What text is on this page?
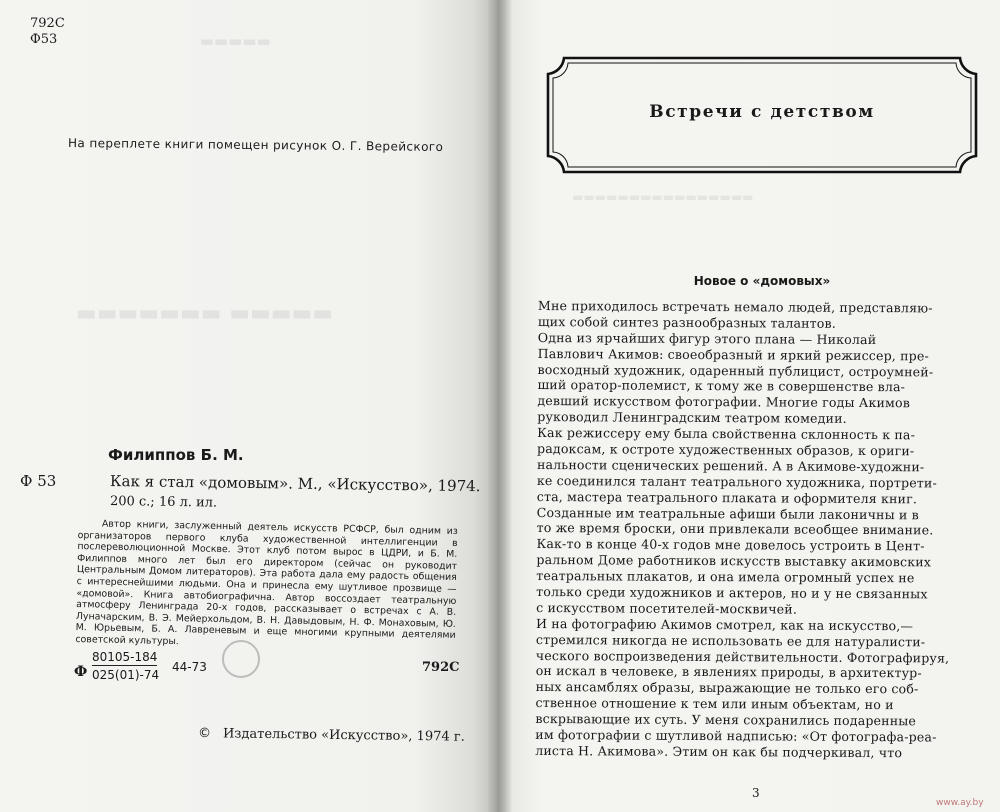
▬▬▬▬▬
▬▬▬▬▬ ▬▬▬▬▬▬▬
▬▬▬▬▬▬▬▬▬▬▬▬▬▬▬▬
792С
Ф53
На переплете книги помещен рисунок О. Г. Верейского
Филиппов Б. М.
Ф 53	Как я стал «домовым». М., «Искусство», 1974.
200 с.; 16 л. ил.
Автор книги, заслуженный деятель искусств РСФСР, был одним из организаторов первого клуба художественной интеллигенции в послереволюционной Москве. Этот клуб потом вырос в ЦДРИ, и Б. М. Филиппов много лет был его директором (сейчас он руководит Центральным Домом литераторов). Эта работа дала ему радость общения с интереснейшими людьми. Она и принесла ему шутливое прозвище — «домовой». Книга автобиографична. Автор воссоздает театральную атмосферу Ленинграда 20-х годов, рассказывает о встречах с А. В. Луначарским, В. Э. Мейерхольдом, В. Н. Давыдовым, Н. Ф. Монаховым, Ю. М. Юрьевым, Б. А. Лавреневым и еще многими крупными деятелями советской культуры.
Ф
80105-184
025(01)-74
44-73	792С
© Издательство «Искусство», 1974 г.
Встречи с детством
Новое о «домовых»
Мне приходилось встречать немало людей, представляю-
щих собой синтез разнообразных талантов.
Одна из ярчайших фигур этого плана — Николай
Павлович Акимов: своеобразный и яркий режиссер, пре-
восходный художник, одаренный публицист, остроумней-
ший оратор-полемист, к тому же в совершенстве вла-
девший искусством фотографии. Многие годы Акимов
руководил Ленинградским театром комедии.
Как режиссеру ему была свойственна склонность к па-
радоксам, к остроте художественных образов, к ориги-
нальности сценических решений. А в Акимове-художни-
ке соединился талант театрального художника, портрети-
ста, мастера театрального плаката и оформителя книг.
Созданные им театральные афиши были лаконичны и в
то же время броски, они привлекали всеобщее внимание.
Как-то в конце 40-х годов мне довелось устроить в Цент-
ральном Доме работников искусств выставку акимовских
театральных плакатов, и она имела огромный успех не
только среди художников и актеров, но и у не связанных
с искусством посетителей-москвичей.
И на фотографию Акимов смотрел, как на искусство,—
стремился никогда не использовать ее для натуралисти-
ческого воспроизведения действительности. Фотографируя,
он искал в человеке, в явлениях природы, в архитектур-
ных ансамблях образы, выражающие не только его соб-
ственное отношение к тем или иным объектам, но и
вскрывающие их суть. У меня сохранились подаренные
им фотографии с шутливой надписью: «От фотографа-реа-
листа Н. Акимова». Этим он как бы подчеркивал, что
3
www.ay.by
